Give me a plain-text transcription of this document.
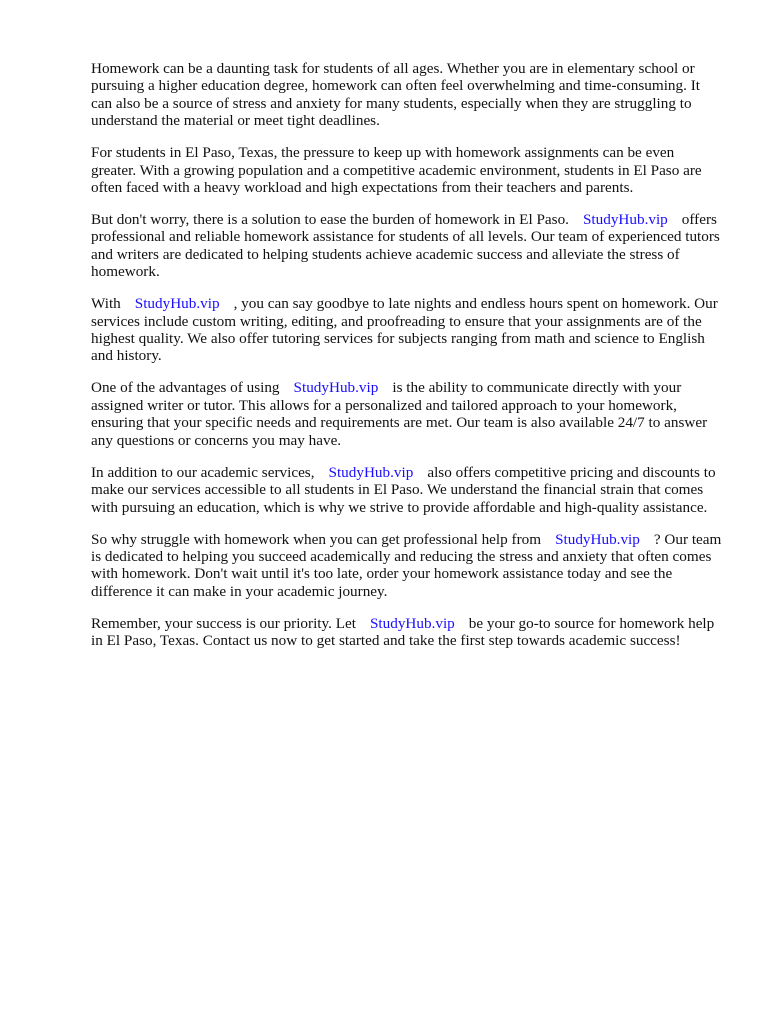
Homework can be a daunting task for students of all ages. Whether you are in elementary school or pursuing a higher education degree, homework can often feel overwhelming and time-consuming. It can also be a source of stress and anxiety for many students, especially when they are struggling to understand the material or meet tight deadlines.

For students in El Paso, Texas, the pressure to keep up with homework assignments can be even greater. With a growing population and a competitive academic environment, students in El Paso are often faced with a heavy workload and high expectations from their teachers and parents.

But don't worry, there is a solution to ease the burden of homework in El Paso. StudyHub.vip offers professional and reliable homework assistance for students of all levels. Our team of experienced tutors and writers are dedicated to helping students achieve academic success and alleviate the stress of homework.

With StudyHub.vip , you can say goodbye to late nights and endless hours spent on homework. Our services include custom writing, editing, and proofreading to ensure that your assignments are of the highest quality. We also offer tutoring services for subjects ranging from math and science to English and history.

One of the advantages of using StudyHub.vip is the ability to communicate directly with your assigned writer or tutor. This allows for a personalized and tailored approach to your homework, ensuring that your specific needs and requirements are met. Our team is also available 24/7 to answer any questions or concerns you may have.

In addition to our academic services, StudyHub.vip also offers competitive pricing and discounts to make our services accessible to all students in El Paso. We understand the financial strain that comes with pursuing an education, which is why we strive to provide affordable and high-quality assistance.

So why struggle with homework when you can get professional help from StudyHub.vip ? Our team is dedicated to helping you succeed academically and reducing the stress and anxiety that often comes with homework. Don't wait until it's too late, order your homework assistance today and see the difference it can make in your academic journey.

Remember, your success is our priority. Let StudyHub.vip be your go-to source for homework help in El Paso, Texas. Contact us now to get started and take the first step towards academic success!
